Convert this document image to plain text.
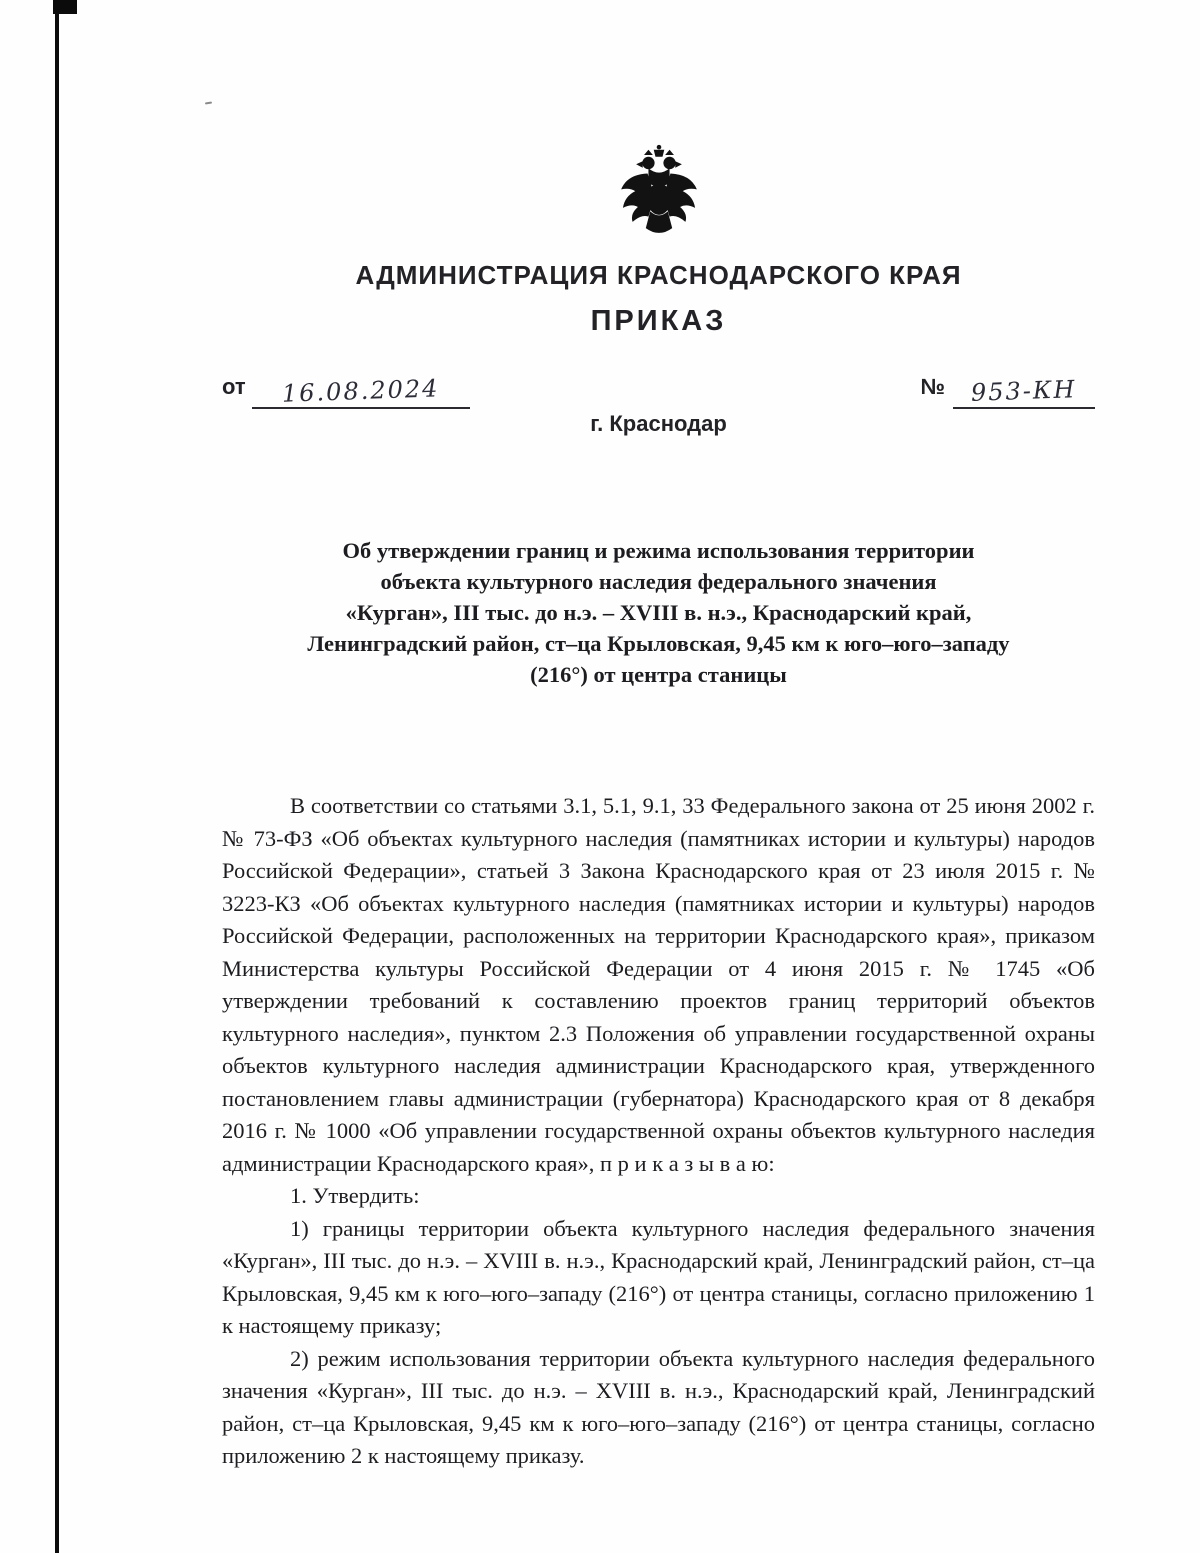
АДМИНИСТРАЦИЯ КРАСНОДАРСКОГО КРАЯ
ПРИКАЗ
от 16.08.2024	№ 953-КН
г. Краснодар
Об утверждении границ и режима использования территории
объекта культурного наследия федерального значения
«Курган», III тыс. до н.э. – XVIII в. н.э., Краснодарский край,
Ленинградский район, ст–ца Крыловская, 9,45 км к юго–юго–западу
(216°) от центра станицы

В соответствии со статьями 3.1, 5.1, 9.1, 33 Федерального закона от 25 июня 2002 г. № 73-ФЗ «Об объектах культурного наследия (памятниках истории и культуры) народов Российской Федерации», статьей 3 Закона Краснодарского края от 23 июля 2015 г. № 3223-КЗ «Об объектах культурного наследия (памятниках истории и культуры) народов Российской Федерации, расположенных на территории Краснодарского края», приказом Министерства культуры Российской Федерации от 4 июня 2015 г. № 1745 «Об утверждении требований к составлению проектов границ территорий объектов культурного наследия», пунктом 2.3 Положения об управлении государственной охраны объектов культурного наследия администрации Краснодарского края, утвержденного постановлением главы администрации (губернатора) Краснодарского края от 8 декабря 2016 г. № 1000 «Об управлении государственной охраны объектов культурного наследия администрации Краснодарского края», п р и к а з ы в а ю:

1. Утвердить:

1) границы территории объекта культурного наследия федерального значения «Курган», III тыс. до н.э. – XVIII в. н.э., Краснодарский край, Ленинградский район, ст–ца Крыловская, 9,45 км к юго–юго–западу (216°) от центра станицы, согласно приложению 1 к настоящему приказу;

2) режим использования территории объекта культурного наследия федерального значения «Курган», III тыс. до н.э. – XVIII в. н.э., Краснодарский край, Ленинградский район, ст–ца Крыловская, 9,45 км к юго–юго–западу (216°) от центра станицы, согласно приложению 2 к настоящему приказу.
